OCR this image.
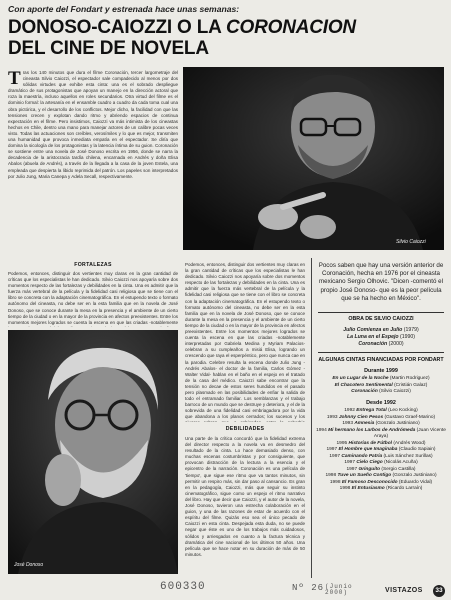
Con aporte del Fondart y estrenada hace unas semanas:
DONOSO-CAIOZZI O LA CORONACION
DEL CINE DE NOVELA
Tras los 140 minutos que dura el filme Coronación, tercer largometraje del cineasta Silvio Caiozzi, el espectador sale compadecido al menos por dos sólidas virtudes que exhibe esta cinta: una es el sobrado despliegue dramático de sus protagonistas que apoyan un manejo en la dirección actoral que roza la maestría, incluso aquellos en roles secundarios. Otra virtud del filme es el dominio formal: la artesanía en el ensamble cuadro a cuadro da cada toma cual una obra pictórica, y el desarrollo de los conflictos. Mejor dicho, la facilidad con que las tensiones crecen y explotan dando ritmo y abriendo espacios de continua expectación en el filme. Pero insistimos, Caiozzi va más intimista de los cineastas hechos en Chile, dentro una mano para manejar actores de un calibre pocas veces visto. Todas las actuaciones son creíbles, verosímiles y lo que es mejor, transmiten una humanidad que provoca inmediata empatía en el espectador. Se diría que domina la sicología de los protagonistas y la latencia íntima de su guion. Coronación se sostiene entre una novela de José Donoso escrita en 1956, donde se narra la decadencia de la aristocracia tardía chilena, encarnada en Andrés y doña Elisa Abalos (abuela de Andrés), a través de la llegada a la casa de la joven Estela, una empleada que despierta la libido reprimida del patrón. Los papeles son interpretados por Julio Jung, Maria Canepa y Adela Secall, respectivamente.
Silvio Caiozzi
FORTALEZAS
Podemos, entonces, distinguir dos vertientes muy claras en la gran cantidad de críticas que los especialistas le han dedicado. Silvio Caiozzi nos apoyaría sobre dos momentos respecto de las fortalezas y debilidades en la cinta. Una es admitir que la fuerza más vertebral de la película y la fidelidad casi religiosa que se tiene con el libro se concreta con la adaptación cinematográfica. En el estupendo texto o formato autónomo del cineasta, no debe ser en la esta familia que en la novela de José Donoso, que se conoce durante la mesa en la presencia y el ambiente de un cierto tiempo de la ciudad o en la mayor de la provincia en afectos preexistentes. Entre los momentos mejores logrados se cuenta la escena en que las criadas -notablemente
José Donoso
Podemos, entonces, distinguir dos vertientes muy claras en la gran cantidad de críticas que los especialistas le han dedicado. Silvio Caiozzi nos apoyaría sobre dos momentos respecto de las fortalezas y debilidades en la cinta. Una es admitir que la fuerza más vertebral de la película y la fidelidad casi religiosa que se tiene con el libro se concreta con la adaptación cinematográfica. En el estupendo texto o formato autónomo del cineasta, no debe ser en la esta familia que en la novela de José Donoso, que se conoce durante la mesa en la presencia y el ambiente de un cierto tiempo de la ciudad o en la mayor de la provincia en afectos preexistentes. Entre los momentos mejores logrados se cuenta la escena en que las criadas -notablemente interpretadas por Gabriela Medina y Myriam Palacios- celebran a su cumpleaños a misiá Elisa, logrando un crescendo que raya el esperpéntico, pero que nunca cae en la parodia. Celebre resulta la escena donde Julio Jung -Andrés Abalos- el doctor de la familia, Carlos Gómez -Walter Vidal- hablan en el baño en el espejo en el tratado de la casa del médico. Caiozzi sabe encontrar que la tensión no decae de estos seres hundidos en el pasado pero plasmado en las posibilidades de enfiar la salida de todo el entramado familiar. Los semblanzas y el trabajo barroco de un mundo que se destruye y deteriora, y el de la sobrevida de una fidelidad casi embriagadora por la vida que abandona a los planos cerrados; los sucesos y los
DEBILIDADES
Una parte de la crítica concordó que la fidelidad extrema del director respecto a la novela va en desmedro del resultado de la cinta. Lo hace demasiado denso, con muchas escenas costumbristas y por consiguiente, que provocan distracción de la lectura a la esencia y el epicentro de la narración. Coronación es una película de 'tiempo', que sigue ese ritmo que va tantos minutos, sin permitir un respiro más, sin dar paso al cansancio. Es gran en la pedagogía, Caiozzi, más que seguir su instinto cinematográfico, sigue como un espejo el ritmo narrativo del libro. Hay que decir que Caiozzi, y el autor de la novela, José Donoso, tuvieron una estrecha colaboración en el guion, y una de las razones de estar de acuerdo con el espíritu del filme. Quizás eso sea el único pecado de Caiozzi en esta cinta. Despejada esta duda, no se puede negar que éste es uno de los trabajos más cuidadosos, sólidos y arriesgados en cuanto a la factura técnica y dramática del cine nacional de los últimos 50 años. Una película que se hace notar en su duración de más de 50 minutos.
Pocos saben que hay una versión anterior de Coronación, hecha en 1976 por el cineasta mexicano Sergio Olhovic. "Dicen -comentó el propio José Donoso- que es la peor película que se ha hecho en México".
OBRA DE SILVIO CAIOZZI
Julio Comienza en Julio (1979)
La Luna en el Espejo (1990)
Coronación (2000)
ALGUNAS CINTAS FINANCIADAS POR FONDART
Durante 1999
En un Lugar de la Noche (Martin Rodriguez)
El Chacotero Sentimental (Cristián Galaz)
Coronación (Silvio Caiozzi)
Desde 1992
1992 Entrega Total (Leo Kocking)
1993 Johnny Cien Pesos (Gustavo Graef-Marino)
1993 Amnesia (Gonzalo Justiniano)
1994 Mi hermano los Larbos de Andrómeda (Juan Vicente Araya)
1995 Historias de Fútbol (Andrés Wood)
1997 El Hombre que Imaginaba (Claudio Sapiain)
1997 Caminando Patria (Luis Sánchez Surillas)
1997 Cielo Ciego (Nicolás Acuña)
1997 Gringuito (Sergio Castilla)
1998 Tuve un Sueño Contigo (Gonzalo Justiniano)
1998 El Famoso Desconocido (Eduardo Vidal)
1998 El Entusiasmo (Ricardo Larraín)
600330	Nº 26 (Junio 2000)	VISTAZOS	33
